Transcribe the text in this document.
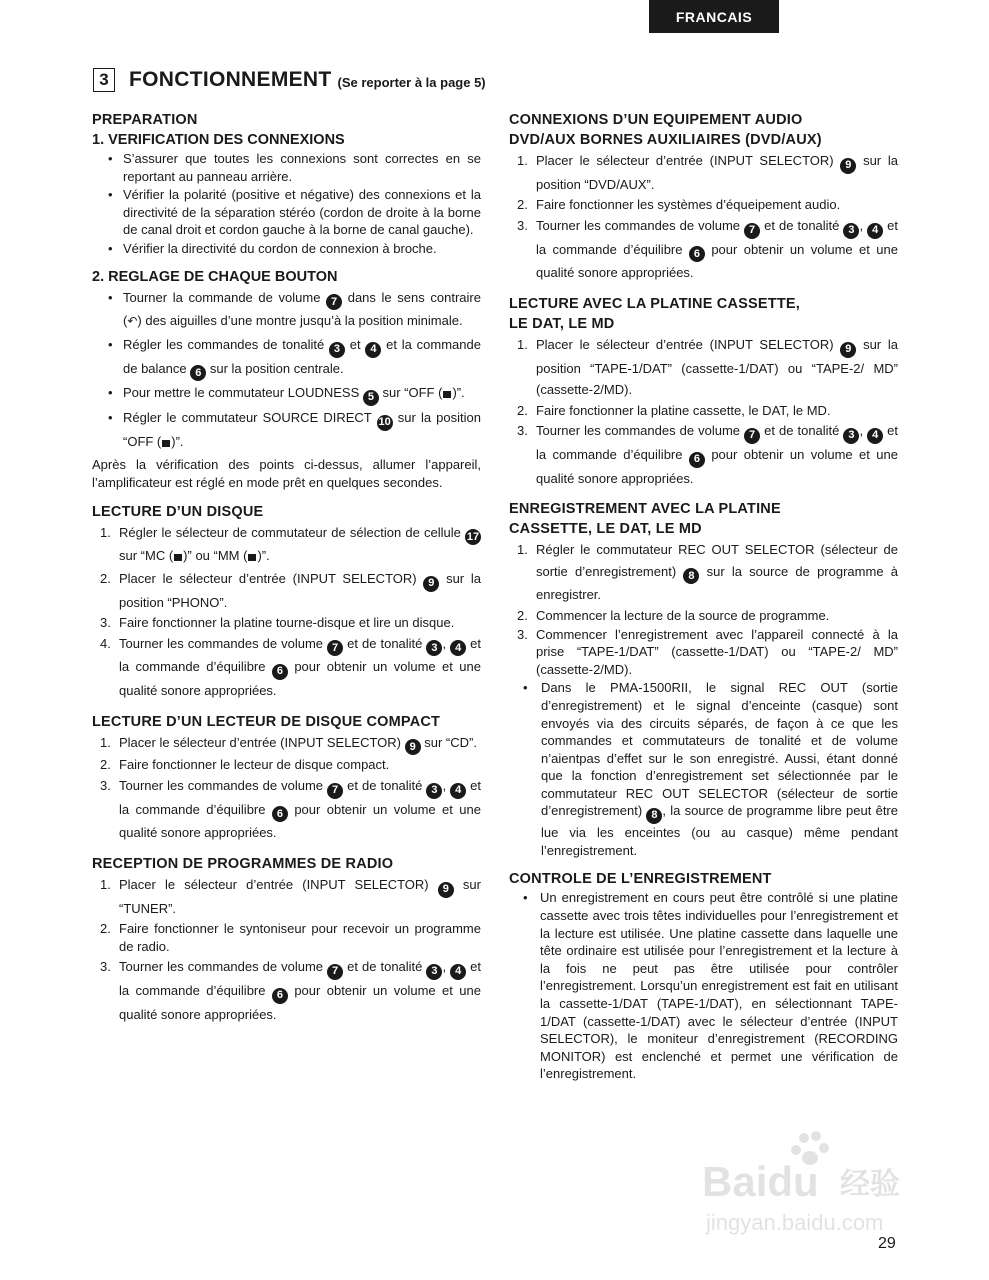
FRANCAIS
3 FONCTIONNEMENT (Se reporter à la page 5)
PREPARATION
1. VERIFICATION DES CONNEXIONS
• S’assurer que toutes les connexions sont correctes en se reportant au panneau arrière.
• Vérifier la polarité (positive et négative) des connexions et la directivité de la séparation stéréo (cordon de droite à la borne de canal droit et cordon gauche à la borne de canal gauche).
• Vérifier la directivité du cordon de connexion à broche.
2. REGLAGE DE CHAQUE BOUTON
• Tourner la commande de volume 7 dans le sens contraire (↶) des aiguilles d’une montre jusqu’à la position minimale.
• Régler les commandes de tonalité 3 et 4 et la commande de balance 6 sur la position centrale.
• Pour mettre le commutateur LOUDNESS 5 sur “OFF ( )”.
• Régler le commutateur SOURCE DIRECT 10 sur la position “OFF ( )”.

Après la vérification des points ci-dessus, allumer l’appareil, l’amplificateur est réglé en mode prêt en quelques secondes.

LECTURE D’UN DISQUE
1. Régler le sélecteur de commutateur de sélection de cellule 17 sur “MC ( )” ou “MM ( )”.
2. Placer le sélecteur d’entrée (INPUT SELECTOR) 9 sur la position “PHONO”.
3. Faire fonctionner la platine tourne-disque et lire un disque.
4. Tourner les commandes de volume 7 et de tonalité 3 , 4 et la commande d’équilibre 6 pour obtenir un volume et une qualité sonore appropriées.
LECTURE D’UN LECTEUR DE DISQUE COMPACT
1. Placer le sélecteur d’entrée (INPUT SELECTOR) 9 sur “CD”.
2. Faire fonctionner le lecteur de disque compact.
3. Tourner les commandes de volume 7 et de tonalité 3 , 4 et la commande d’équilibre 6 pour obtenir un volume et une qualité sonore appropriées.
RECEPTION DE PROGRAMMES DE RADIO
1. Placer le sélecteur d’entrée (INPUT SELECTOR) 9 sur “TUNER”.
2. Faire fonctionner le syntoniseur pour recevoir un programme de radio.
3. Tourner les commandes de volume 7 et de tonalité 3 , 4 et la commande d’équilibre 6 pour obtenir un volume et une qualité sonore appropriées.
CONNEXIONS D’UN EQUIPEMENT AUDIO
DVD/AUX BORNES AUXILIAIRES (DVD/AUX)
1. Placer le sélecteur d’entrée (INPUT SELECTOR) 9 sur la position “DVD/AUX”.
2. Faire fonctionner les systèmes d’équeipement audio.
3. Tourner les commandes de volume 7 et de tonalité 3 , 4 et la commande d’équilibre 6 pour obtenir un volume et une qualité sonore appropriées.
LECTURE AVEC LA PLATINE CASSETTE,
LE DAT, LE MD
1. Placer le sélecteur d’entrée (INPUT SELECTOR) 9 sur la position “TAPE-1/DAT” (cassette-1/DAT) ou “TAPE-2/ MD” (cassette-2/MD).
2. Faire fonctionner la platine cassette, le DAT, le MD.
3. Tourner les commandes de volume 7 et de tonalité 3 , 4 et la commande d’équilibre 6 pour obtenir un volume et une qualité sonore appropriées.
ENREGISTREMENT AVEC LA PLATINE
CASSETTE, LE DAT, LE MD
1. Régler le commutateur REC OUT SELECTOR (sélecteur de sortie d’enregistrement) 8 sur la source de programme à enregistrer.
2. Commencer la lecture de la source de programme.
3. Commencer l’enregistrement avec l’appareil connecté à la prise “TAPE-1/DAT” (cassette-1/DAT) ou “TAPE-2/ MD” (cassette-2/MD).
• Dans le PMA-1500RII, le signal REC OUT (sortie d’enregistrement) et le signal d’enceinte (casque) sont envoyés via des circuits séparés, de façon à ce que les commandes et commutateurs de tonalité et de volume n’aientpas d’effet sur le son enregistré. Aussi, étant donné que la fonction d’enregistrement set sélectionnée par le commutateur REC OUT SELECTOR (sélecteur de sortie d’enregistrement) 8 , la source de programme libre peut être lue via les enceintes (ou au casque) même pendant l’enregistrement.
CONTROLE DE L’ENREGISTREMENT
• Un enregistrement en cours peut être contrôlé si une platine cassette avec trois têtes individuelles pour l’enregistrement et la lecture est utilisée. Une platine cassette dans laquelle une tête ordinaire est utilisée pour l’enregistrement et la lecture à la fois ne peut pas être utilisée pour contrôler l’enregistrement. Lorsqu’un enregistrement est fait en utilisant la cassette-1/DAT (TAPE-1/DAT), en sélectionnant TAPE-1/DAT (cassette-1/DAT) avec le sélecteur d’entrée (INPUT SELECTOR), le moniteur d’enregistrement (RECORDING MONITOR) est enclenché et permet une vérification de l’enregistrement.
Baidu 经验
jingyan.baidu.com
29
